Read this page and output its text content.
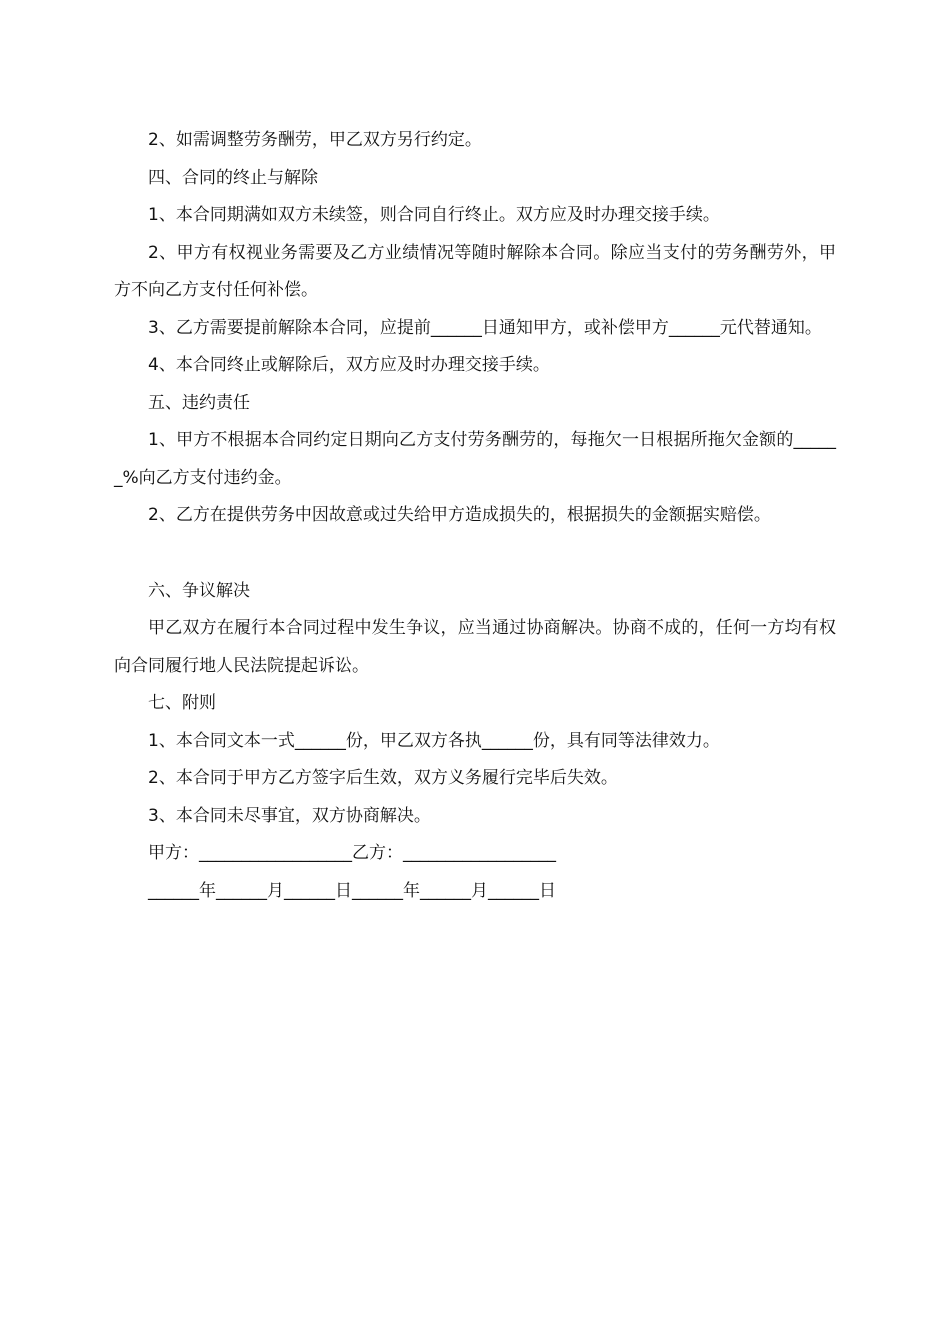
2、如需调整劳务酬劳，甲乙双方另行约定。

四、合同的终止与解除

1、本合同期满如双方未续签，则合同自行终止。双方应及时办理交接手续。

2、甲方有权视业务需要及乙方业绩情况等随时解除本合同。除应当支付的劳务酬劳外，甲方不向乙方支付任何补偿。

3、乙方需要提前解除本合同，应提前______日通知甲方，或补偿甲方______元代替通知。

4、本合同终止或解除后，双方应及时办理交接手续。

五、违约责任

1、甲方不根据本合同约定日期向乙方支付劳务酬劳的，每拖欠一日根据所拖欠金额的______%向乙方支付违约金。

2、乙方在提供劳务中因故意或过失给甲方造成损失的，根据损失的金额据实赔偿。

六、争议解决

甲乙双方在履行本合同过程中发生争议，应当通过协商解决。协商不成的，任何一方均有权向合同履行地人民法院提起诉讼。

七、附则

1、本合同文本一式______份，甲乙双方各执______份，具有同等法律效力。

2、本合同于甲方乙方签字后生效，双方义务履行完毕后失效。

3、本合同未尽事宜，双方协商解决。

甲方：__________________乙方：__________________

______年______月______日______年______月______日
